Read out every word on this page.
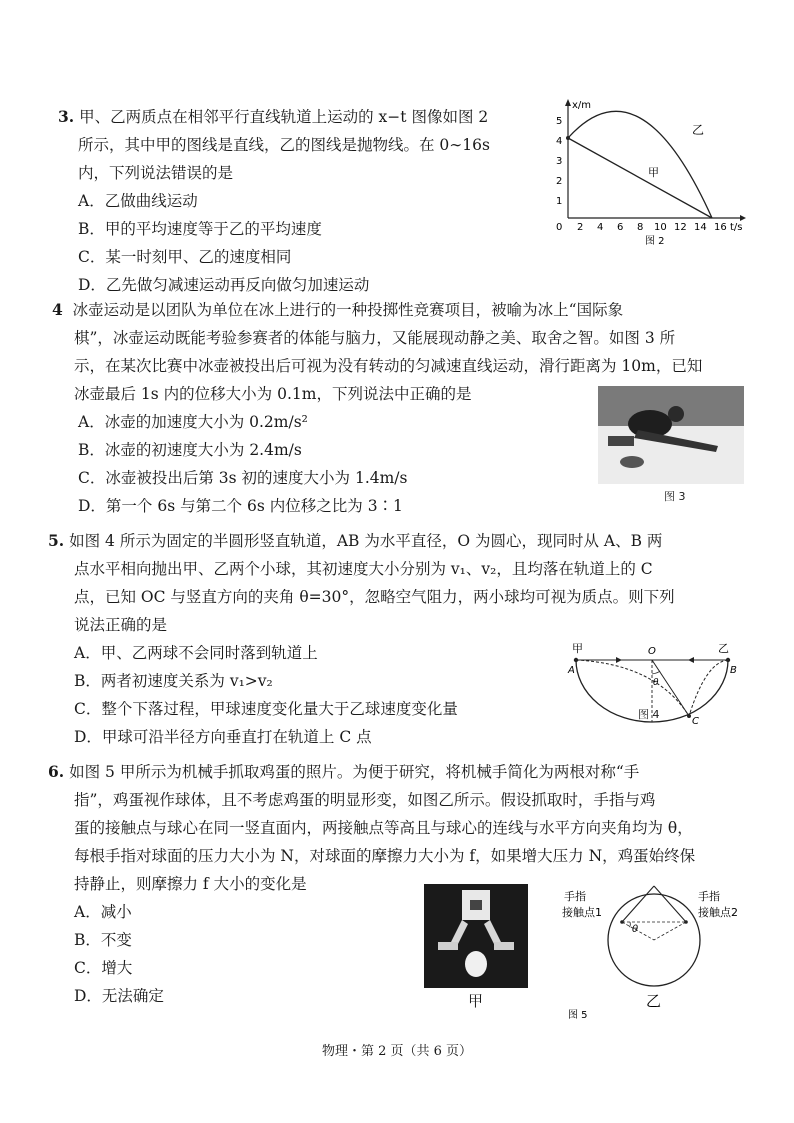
3. 甲、乙两质点在相邻平行直线轨道上运动的 x−t 图像如图 2
所示，其中甲的图线是直线，乙的图线是抛物线。在 0∼16s
内，下列说法错误的是
A．乙做曲线运动
B．甲的平均速度等于乙的平均速度
C．某一时刻甲、乙的速度相同
D．乙先做匀减速运动再反向做匀加速运动
x/m
t/s
0
1
2
3
4
5
2 4 6 8 10 12 14 16
甲
乙
图 2
4 冰壶运动是以团队为单位在冰上进行的一种投掷性竞赛项目，被喻为冰上“国际象
棋”，冰壶运动既能考验参赛者的体能与脑力，又能展现动静之美、取舍之智。如图 3 所
示，在某次比赛中冰壶被投出后可视为没有转动的匀减速直线运动，滑行距离为 10m，已知
冰壶最后 1s 内的位移大小为 0.1m，下列说法中正确的是
A．冰壶的加速度大小为 0.2m/s²
B．冰壶的初速度大小为 2.4m/s
C．冰壶被投出后第 3s 初的速度大小为 1.4m/s
D．第一个 6s 与第二个 6s 内位移之比为 3∶1
图 3
5. 如图 4 所示为固定的半圆形竖直轨道，AB 为水平直径，O 为圆心，现同时从 A、B 两
点水平相向抛出甲、乙两个小球，其初速度大小分别为 v₁、v₂，且均落在轨道上的 C
点，已知 OC 与竖直方向的夹角 θ=30°，忽略空气阻力，两小球均可视为质点。则下列
说法正确的是
A．甲、乙两球不会同时落到轨道上
B．两者初速度关系为 v₁>v₂
C．整个下落过程，甲球速度变化量大于乙球速度变化量
D．甲球可沿半径方向垂直打在轨道上 C 点
甲	乙
A	B
O
C
θ
图 4
6. 如图 5 甲所示为机械手抓取鸡蛋的照片。为便于研究，将机械手简化为两根对称“手
指”，鸡蛋视作球体，且不考虑鸡蛋的明显形变，如图乙所示。假设抓取时，手指与鸡
蛋的接触点与球心在同一竖直面内，两接触点等高且与球心的连线与水平方向夹角均为 θ，
每根手指对球面的压力大小为 N，对球面的摩擦力大小为 f，如果增大压力 N，鸡蛋始终保
持静止，则摩擦力 f 大小的变化是
A．减小
B．不变
C．增大
D．无法确定	甲
θ
手指
接触点1
手指
接触点2
乙
图 5
物理・第 2 页（共 6 页）
